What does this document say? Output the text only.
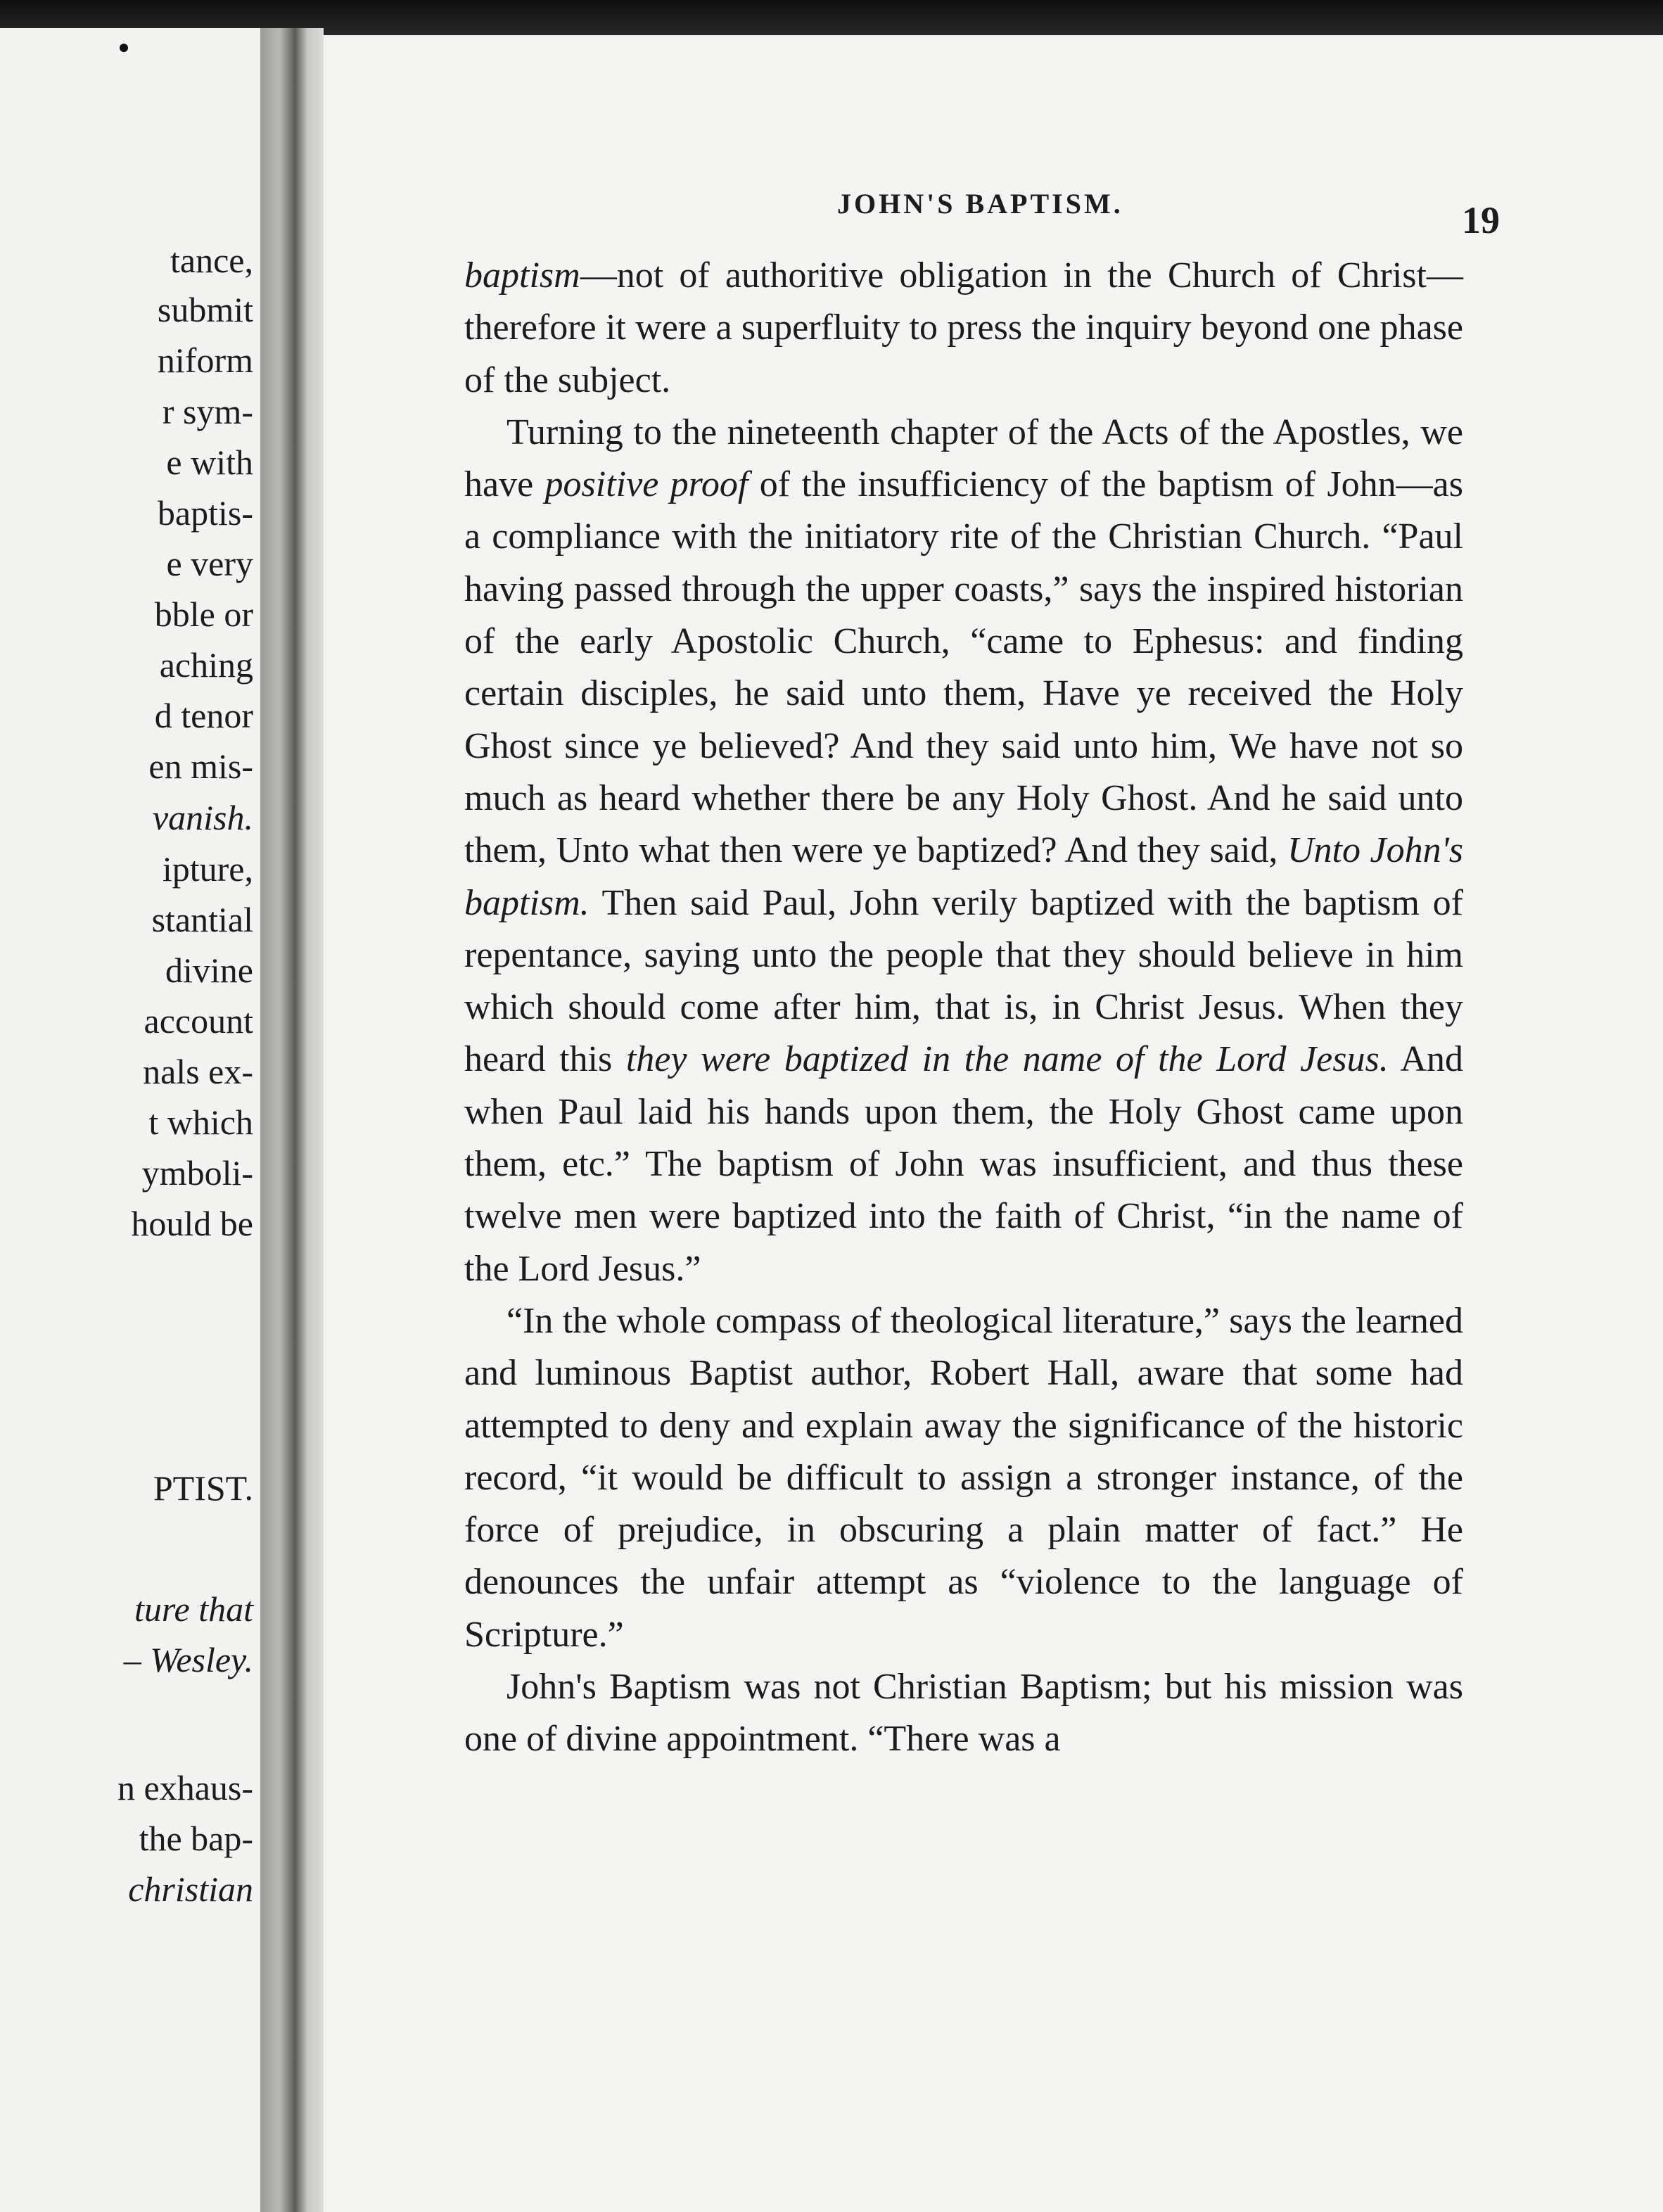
tance,
submit
niform
r sym-
e with
baptis-
e very
bble or
aching
d tenor
en mis-
vanish.
ipture,
stantial
divine
account
nals ex-
t which
ymboli-
hould be
PTIST.
ture that
– Wesley.
n exhaus-
the bap-
christian
JOHN'S BAPTISM.	19

baptism—not of authoritive obligation in the Church of Christ—therefore it were a superfluity to press the inquiry beyond one phase of the subject.

Turning to the nineteenth chapter of the Acts of the Apostles, we have positive proof of the insufficiency of the baptism of John—as a compliance with the initiatory rite of the Christian Church. “Paul having passed through the upper coasts,” says the inspired historian of the early Apostolic Church, “came to Ephesus: and finding certain disciples, he said unto them, Have ye received the Holy Ghost since ye believed? And they said unto him, We have not so much as heard whether there be any Holy Ghost. And he said unto them, Unto what then were ye baptized? And they said, Unto John's baptism. Then said Paul, John verily baptized with the baptism of repentance, saying unto the people that they should believe in him which should come after him, that is, in Christ Jesus. When they heard this they were baptized in the name of the Lord Jesus. And when Paul laid his hands upon them, the Holy Ghost came upon them, etc.” The baptism of John was insufficient, and thus these twelve men were baptized into the faith of Christ, “in the name of the Lord Jesus.”

“In the whole compass of theological literature,” says the learned and luminous Baptist author, Robert Hall, aware that some had attempted to deny and explain away the significance of the historic record, “it would be difficult to assign a stronger instance, of the force of prejudice, in obscuring a plain matter of fact.” He denounces the unfair attempt as “violence to the language of Scripture.”

John's Baptism was not Christian Baptism; but his mission was one of divine appointment. “There was a
